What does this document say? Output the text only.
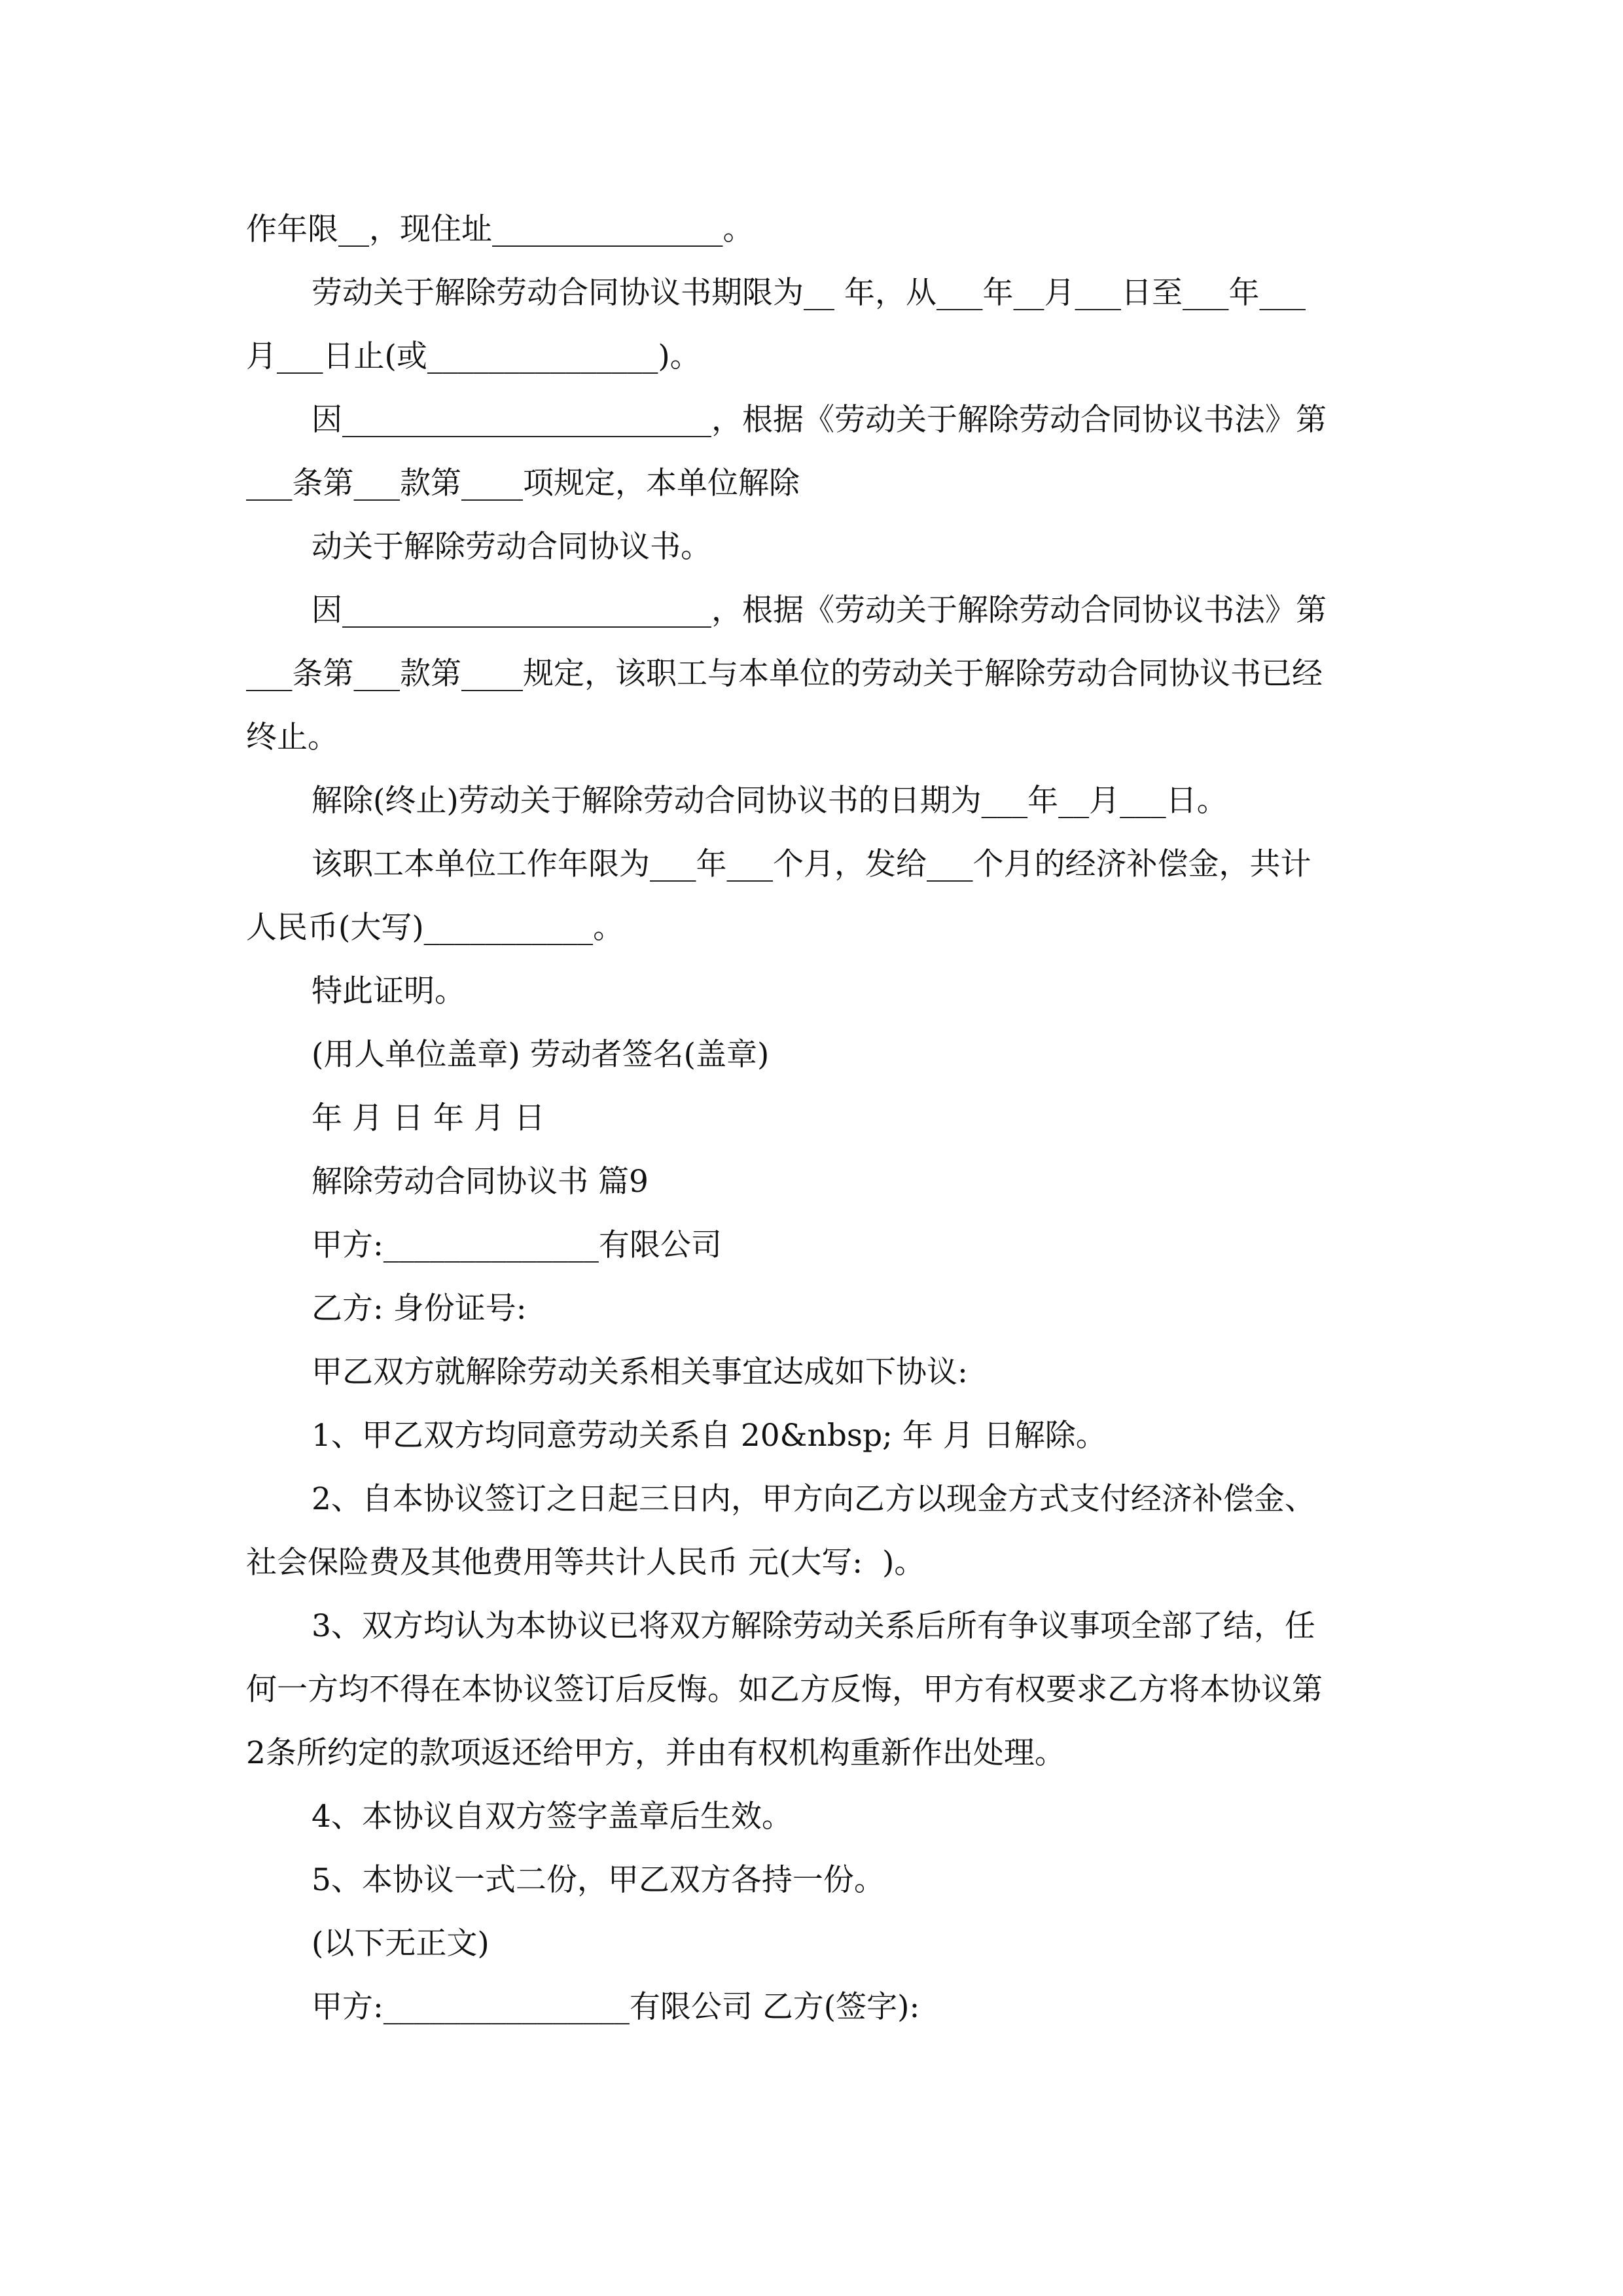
作年限__，现住址_______________。
劳动关于解除劳动合同协议书期限为__ 年，从___年__月___日至___年___
月___日止(或_______________)。
因________________________，根据《劳动关于解除劳动合同协议书法》第
___条第___款第____项规定，本单位解除
动关于解除劳动合同协议书。
因________________________，根据《劳动关于解除劳动合同协议书法》第
___条第___款第____规定，该职工与本单位的劳动关于解除劳动合同协议书已经
终止。
解除(终止)劳动关于解除劳动合同协议书的日期为___年__月___日。
该职工本单位工作年限为___年___个月，发给___个月的经济补偿金，共计
人民币(大写)___________。
特此证明。
(用人单位盖章) 劳动者签名(盖章)
年 月 日 年 月 日
解除劳动合同协议书 篇9
甲方:______________有限公司
乙方: 身份证号:
甲乙双方就解除劳动关系相关事宜达成如下协议:
1、甲乙双方均同意劳动关系自 20&nbsp; 年 月 日解除。
2、自本协议签订之日起三日内，甲方向乙方以现金方式支付经济补偿金、
社会保险费及其他费用等共计人民币 元(大写:  )。
3、双方均认为本协议已将双方解除劳动关系后所有争议事项全部了结，任
何一方均不得在本协议签订后反悔。如乙方反悔，甲方有权要求乙方将本协议第
2条所约定的款项返还给甲方，并由有权机构重新作出处理。
4、本协议自双方签字盖章后生效。
5、本协议一式二份，甲乙双方各持一份。
(以下无正文)
甲方:________________有限公司 乙方(签字):
